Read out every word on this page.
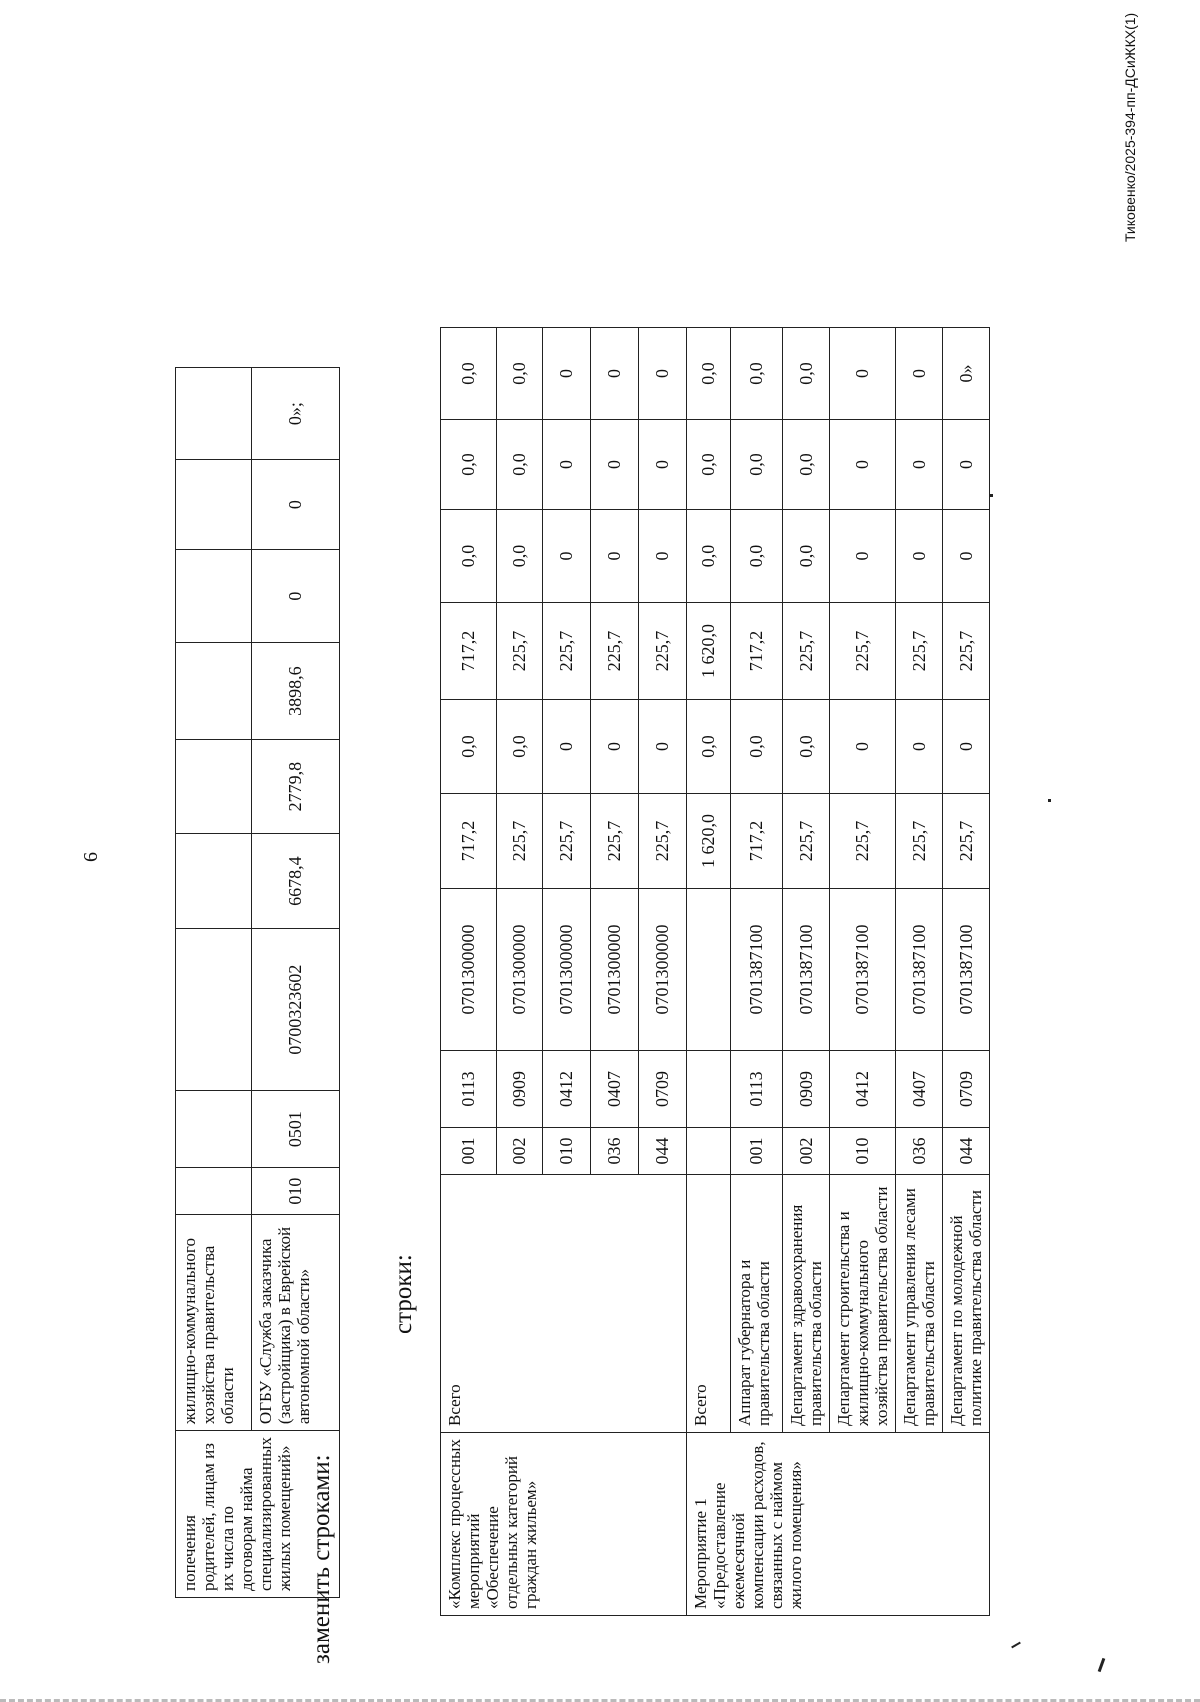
6
попечения родителей, лицам из их числа по договорам найма специализированных жилых помещений»	жилищно-коммунального хозяйства правительства области									
	ОГБУ «Служба заказчика (застройщика) в Еврейской автономной области»	010	0501	0700323602	6678,4	2779,8	3898,6	0	0	0»;
строки:
«Комплекс процессных мероприятий «Обеспечение отдельных категорий граждан жильем»	Всего	001	0113	0701300000	717,2	0,0	717,2	0,0	0,0	0,0
		002	0909	0701300000	225,7	0,0	225,7	0,0	0,0	0,0
		010	0412	0701300000	225,7	0	225,7	0	0	0
		036	0407	0701300000	225,7	0	225,7	0	0	0
		044	0709	0701300000	225,7	0	225,7	0	0	0
Мероприятие 1 «Предоставление ежемесячной компенсации расходов, связанных с наймом жилого помещения»	Всего				1 620,0	0,0	1 620,0	0,0	0,0	0,0
	Аппарат губернатора и правительства области	001	0113	0701387100	717,2	0,0	717,2	0,0	0,0	0,0
	Департамент здравоохранения правительства области	002	0909	0701387100	225,7	0,0	225,7	0,0	0,0	0,0
	Департамент строительства и жилищно-коммунального хозяйства правительства области	010	0412	0701387100	225,7	0	225,7	0	0	0
	Департамент управления лесами правительства области	036	0407	0701387100	225,7	0	225,7	0	0	0
	Департамент по молодежной политике правительства области	044	0709	0701387100	225,7	0	225,7	0	0	0»
заменить строками:
Тиковенко/2025-394-пп-ДСиЖКХ(1)
